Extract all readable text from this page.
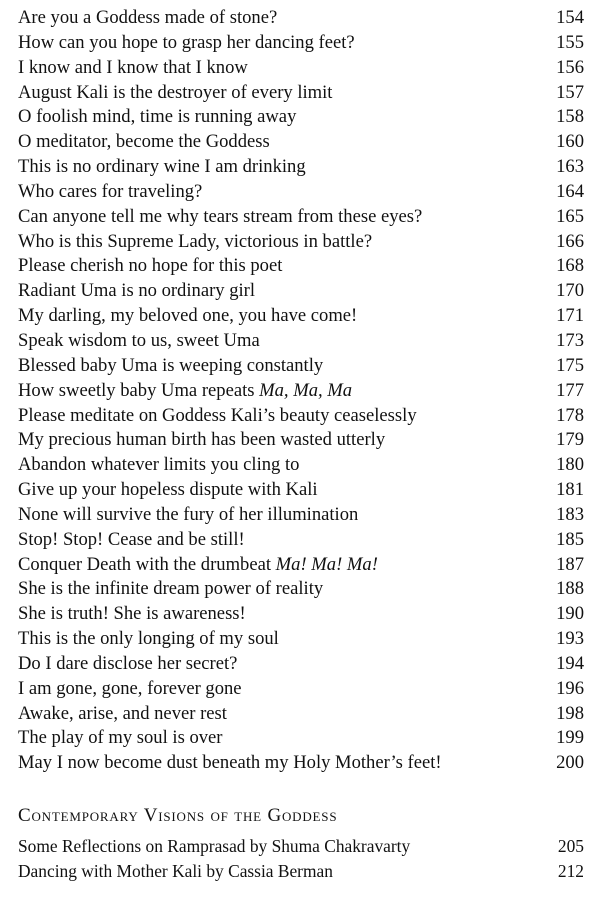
Are you a Goddess made of stone?	154
How can you hope to grasp her dancing feet?	155
I know and I know that I know	156
August Kali is the destroyer of every limit	157
O foolish mind, time is running away	158
O meditator, become the Goddess	160
This is no ordinary wine I am drinking	163
Who cares for traveling?	164
Can anyone tell me why tears stream from these eyes?	165
Who is this Supreme Lady, victorious in battle?	166
Please cherish no hope for this poet	168
Radiant Uma is no ordinary girl	170
My darling, my beloved one, you have come!	171
Speak wisdom to us, sweet Uma	173
Blessed baby Uma is weeping constantly	175
How sweetly baby Uma repeats Ma, Ma, Ma	177
Please meditate on Goddess Kali’s beauty ceaselessly	178
My precious human birth has been wasted utterly	179
Abandon whatever limits you cling to	180
Give up your hopeless dispute with Kali	181
None will survive the fury of her illumination	183
Stop! Stop! Cease and be still!	185
Conquer Death with the drumbeat Ma! Ma! Ma!	187
She is the infinite dream power of reality	188
She is truth! She is awareness!	190
This is the only longing of my soul	193
Do I dare disclose her secret?	194
I am gone, gone, forever gone	196
Awake, arise, and never rest	198
The play of my soul is over	199
May I now become dust beneath my Holy Mother’s feet!	200
Contemporary Visions of the Goddess
Some Reflections on Ramprasad by Shuma Chakravarty	205
Dancing with Mother Kali by Cassia Berman	212
